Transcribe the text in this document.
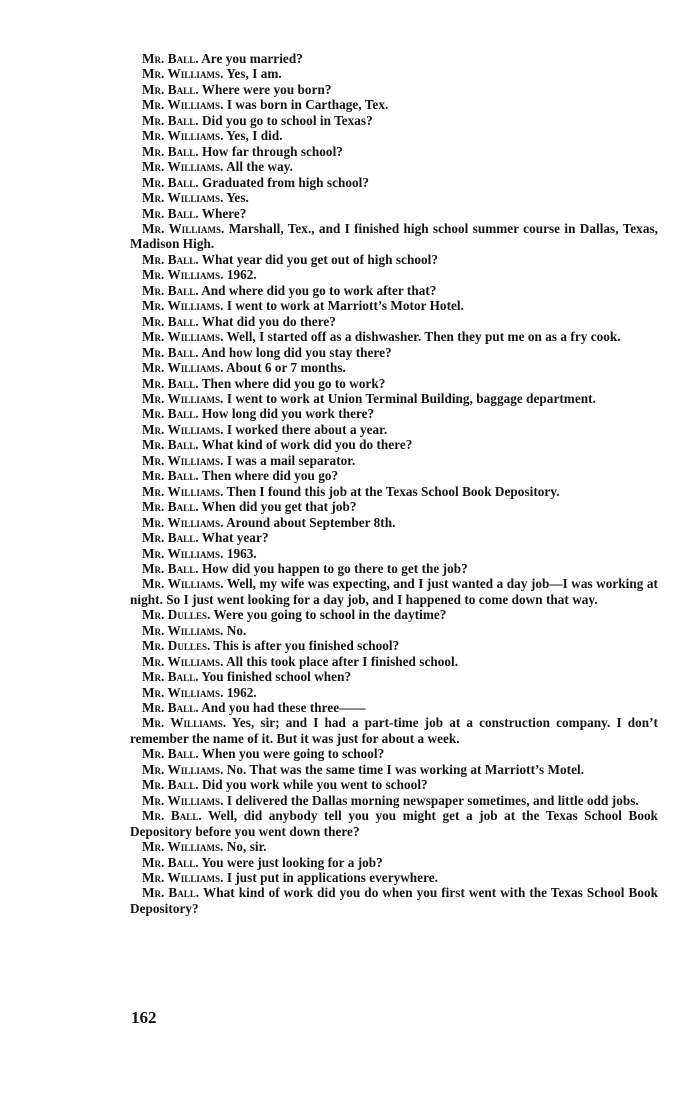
Mr. Ball. Are you married?

Mr. Williams. Yes, I am.

Mr. Ball. Where were you born?

Mr. Williams. I was born in Carthage, Tex.

Mr. Ball. Did you go to school in Texas?

Mr. Williams. Yes, I did.

Mr. Ball. How far through school?

Mr. Williams. All the way.

Mr. Ball. Graduated from high school?

Mr. Williams. Yes.

Mr. Ball. Where?

Mr. Williams. Marshall, Tex., and I finished high school summer course in Dallas, Texas, Madison High.

Mr. Ball. What year did you get out of high school?

Mr. Williams. 1962.

Mr. Ball. And where did you go to work after that?

Mr. Williams. I went to work at Marriott’s Motor Hotel.

Mr. Ball. What did you do there?

Mr. Williams. Well, I started off as a dishwasher. Then they put me on as a fry cook.

Mr. Ball. And how long did you stay there?

Mr. Williams. About 6 or 7 months.

Mr. Ball. Then where did you go to work?

Mr. Williams. I went to work at Union Terminal Building, baggage department.

Mr. Ball. How long did you work there?

Mr. Williams. I worked there about a year.

Mr. Ball. What kind of work did you do there?

Mr. Williams. I was a mail separator.

Mr. Ball. Then where did you go?

Mr. Williams. Then I found this job at the Texas School Book Depository.

Mr. Ball. When did you get that job?

Mr. Williams. Around about September 8th.

Mr. Ball. What year?

Mr. Williams. 1963.

Mr. Ball. How did you happen to go there to get the job?

Mr. Williams. Well, my wife was expecting, and I just wanted a day job—I was working at night. So I just went looking for a day job, and I happened to come down that way.

Mr. Dulles. Were you going to school in the daytime?

Mr. Williams. No.

Mr. Dulles. This is after you finished school?

Mr. Williams. All this took place after I finished school.

Mr. Ball. You finished school when?

Mr. Williams. 1962.

Mr. Ball. And you had these three——

Mr. Williams. Yes, sir; and I had a part-time job at a construction company. I don’t remember the name of it. But it was just for about a week.

Mr. Ball. When you were going to school?

Mr. Williams. No. That was the same time I was working at Marriott’s Motel.

Mr. Ball. Did you work while you went to school?

Mr. Williams. I delivered the Dallas morning newspaper sometimes, and little odd jobs.

Mr. Ball. Well, did anybody tell you you might get a job at the Texas School Book Depository before you went down there?

Mr. Williams. No, sir.

Mr. Ball. You were just looking for a job?

Mr. Williams. I just put in applications everywhere.

Mr. Ball. What kind of work did you do when you first went with the Texas School Book Depository?

162
